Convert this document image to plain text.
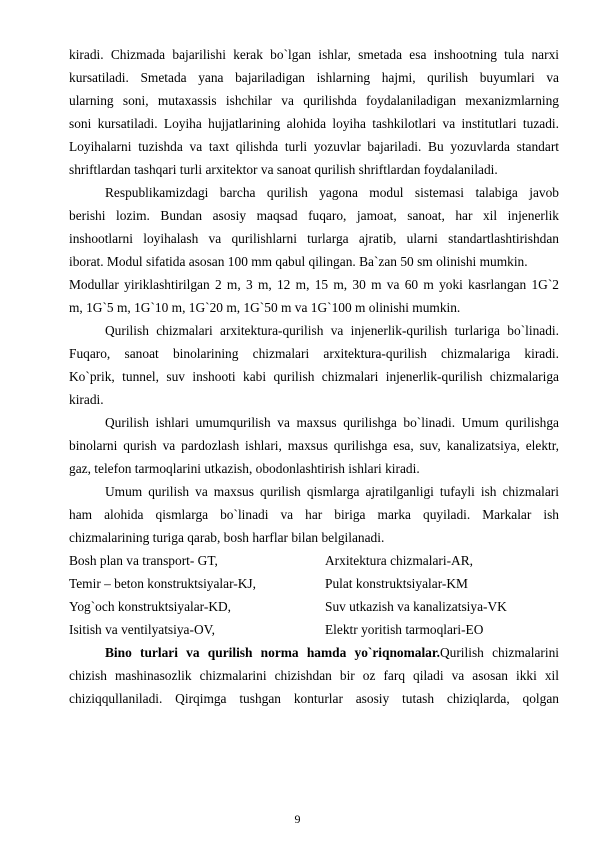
kiradi. Chizmada bajarilishi kerak bo`lgan ishlar, smetada esa inshootning tula narxi
kursatiladi. Smetada yana bajariladigan ishlarning hajmi, qurilish buyumlari va
ularning soni, mutaxassis ishchilar va qurilishda foydalaniladigan mexanizmlarning
soni kursatiladi. Loyiha hujjatlarining alohida loyiha tashkilotlari va institutlari tuzadi.
Loyihalarni tuzishda va taxt qilishda turli yozuvlar bajariladi. Bu yozuvlarda standart
shriftlardan tashqari turli arxitektor va sanoat qurilish shriftlardan foydalaniladi.
Respublikamizdagi barcha qurilish yagona modul sistemasi talabiga javob
berishi lozim. Bundan asosiy maqsad fuqaro, jamoat, sanoat, har xil injenerlik
inshootlarni loyihalash va qurilishlarni turlarga ajratib, ularni standartlashtirishdan
iborat. Modul sifatida asosan 100 mm qabul qilingan. Ba`zan 50 sm olinishi mumkin.
Modullar yiriklashtirilgan 2 m, 3 m, 12 m, 15 m, 30 m va 60 m yoki kasrlangan 1G`2
m, 1G`5 m, 1G`10 m, 1G`20 m, 1G`50 m va 1G`100 m olinishi mumkin.
Qurilish chizmalari arxitektura-qurilish va injenerlik-qurilish turlariga bo`linadi.
Fuqaro, sanoat binolarining chizmalari arxitektura-qurilish chizmalariga kiradi.
Ko`prik, tunnel, suv inshooti kabi qurilish chizmalari injenerlik-qurilish chizmalariga
kiradi.
Qurilish ishlari umumqurilish va maxsus qurilishga bo`linadi. Umum qurilishga
binolarni qurish va pardozlash ishlari, maxsus qurilishga esa, suv, kanalizatsiya, elektr,
gaz, telefon tarmoqlarini utkazish, obodonlashtirish ishlari kiradi.
Umum qurilish va maxsus qurilish qismlarga ajratilganligi tufayli ish chizmalari
ham alohida qismlarga bo`linadi va har biriga marka quyiladi. Markalar ish
chizmalarining turiga qarab, bosh harflar bilan belgilanadi.
Bosh plan va transport- GT,	Arxitektura chizmalari-AR,
Temir – beton konstruktsiyalar-KJ,	Pulat konstruktsiyalar-KM
Yog`och konstruktsiyalar-KD,	Suv utkazish va kanalizatsiya-VK
Isitish va ventilyatsiya-OV,	Elektr yoritish tarmoqlari-EO
Bino turlari va qurilish norma hamda yo`riqnomalar.Qurilish chizmalarini
chizish mashinasozlik chizmalarini chizishdan bir oz farq qiladi va asosan ikki xil
chiziqqullaniladi. Qirqimga tushgan konturlar asosiy tutash chiziqlarda, qolgan
9
